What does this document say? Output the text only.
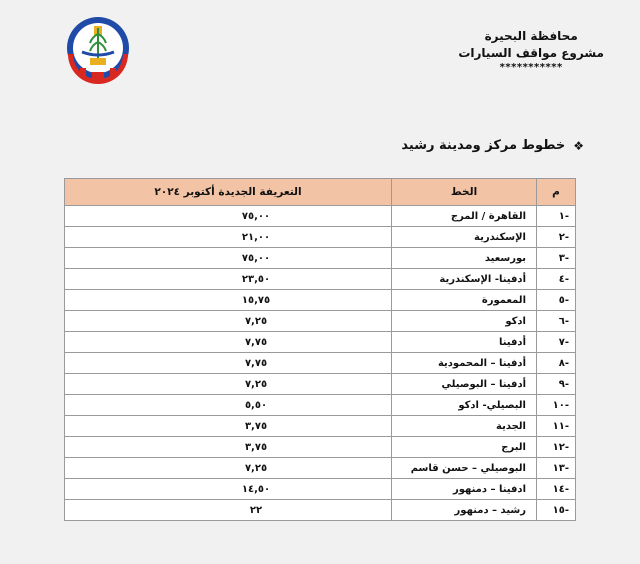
محافظة البحيرة
مشروع مواقف السيارات
***********
❖
خطوط مركز ومدينة رشيد
م	الخط	التعريفة الجديدة أكتوبر ٢٠٢٤
-١	القاهرة / المرج	٧٥,٠٠
-٢	الإسكندرية	٢١,٠٠
-٣	بورسعيد	٧٥,٠٠
-٤	أدفينا- الإسكندرية	٢٣,٥٠
-٥	المعمورة	١٥,٧٥
-٦	ادكو	٧,٢٥
-٧	أدفينا	٧,٧٥
-٨	أدفينا – المحمودية	٧,٧٥
-٩	أدفينا – البوصيلي	٧,٢٥
-١٠	البصيلي- ادكو	٥,٥٠
-١١	الجدية	٣,٧٥
-١٢	البرج	٣,٧٥
-١٣	البوصيلي – حسن قاسم	٧,٢٥
-١٤	ادفينا – دمنهور	١٤,٥٠
-١٥	رشيد – دمنهور	٢٢
